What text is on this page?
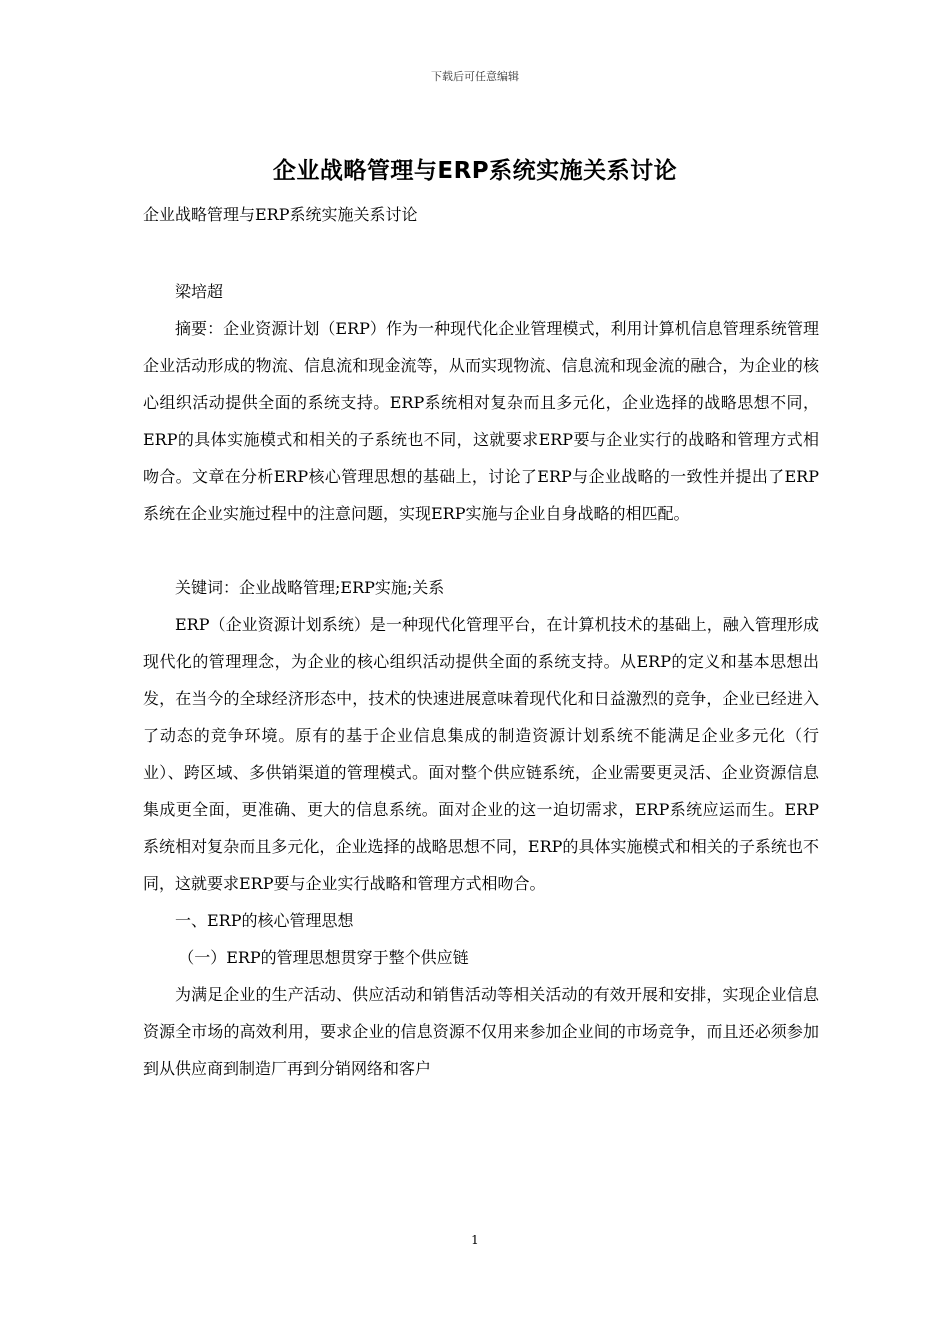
下载后可任意编辑
企业战略管理与ERP系统实施关系讨论
企业战略管理与ERP系统实施关系讨论

梁培超

摘要：企业资源计划（ERP）作为一种现代化企业管理模式，利用计算机信息管理系统管理企业活动形成的物流、信息流和现金流等，从而实现物流、信息流和现金流的融合，为企业的核心组织活动提供全面的系统支持。ERP系统相对复杂而且多元化，企业选择的战略思想不同，ERP的具体实施模式和相关的子系统也不同，这就要求ERP要与企业实行的战略和管理方式相吻合。文章在分析ERP核心管理思想的基础上，讨论了ERP与企业战略的一致性并提出了ERP系统在企业实施过程中的注意问题，实现ERP实施与企业自身战略的相匹配。

关键词：企业战略管理;ERP实施;关系

ERP（企业资源计划系统）是一种现代化管理平台，在计算机技术的基础上，融入管理形成现代化的管理理念，为企业的核心组织活动提供全面的系统支持。从ERP的定义和基本思想出发，在当今的全球经济形态中，技术的快速进展意味着现代化和日益激烈的竞争，企业已经进入了动态的竞争环境。原有的基于企业信息集成的制造资源计划系统不能满足企业多元化（行业）、跨区域、多供销渠道的管理模式。面对整个供应链系统，企业需要更灵活、企业资源信息集成更全面，更准确、更大的信息系统。面对企业的这一迫切需求，ERP系统应运而生。ERP系统相对复杂而且多元化，企业选择的战略思想不同，ERP的具体实施模式和相关的子系统也不同，这就要求ERP要与企业实行战略和管理方式相吻合。

一、ERP的核心管理思想

（一）ERP的管理思想贯穿于整个供应链

为满足企业的生产活动、供应活动和销售活动等相关活动的有效开展和安排，实现企业信息资源全市场的高效利用，要求企业的信息资源不仅用来参加企业间的市场竞争，而且还必须参加到从供应商到制造厂再到分销网络和客户

1
